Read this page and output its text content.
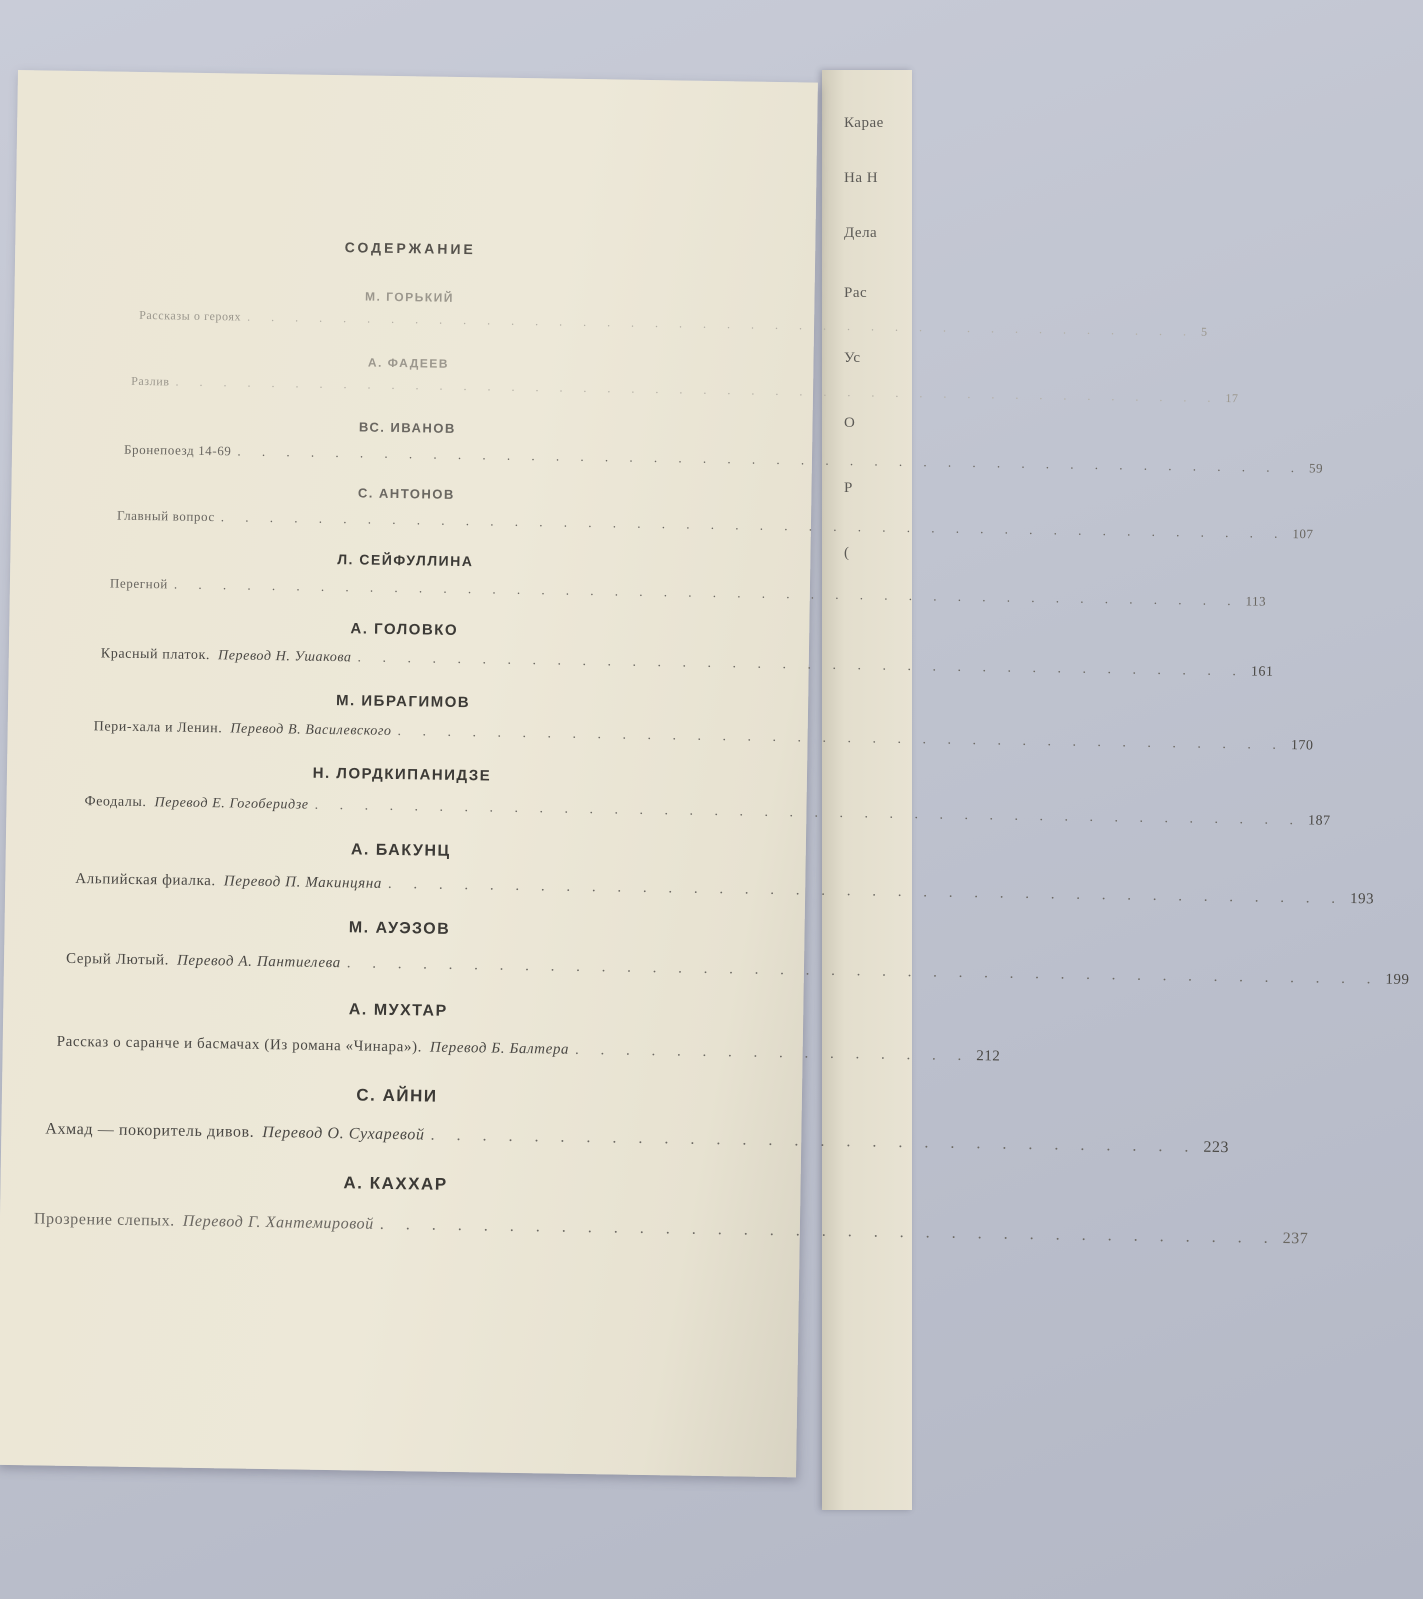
Карае
На Н
Дела
Рас
Ус
О
Р
(
СОДЕРЖАНИЕ
М. ГОРЬКИЙ
Рассказы о героях . . . . . . . . . . . . . . . . . . . . . . . . . . . . . . . . . . . . . . . . 5
А. ФАДЕЕВ
Разлив . . . . . . . . . . . . . . . . . . . . . . . . . . . . . . . . . . . . . . . . . . . . 17
ВС. ИВАНОВ
Бронепоезд 14-69 . . . . . . . . . . . . . . . . . . . . . . . . . . . . . . . . . . . . . . . . . . . . 59
С. АНТОНОВ
Главный вопрос . . . . . . . . . . . . . . . . . . . . . . . . . . . . . . . . . . . . . . . . . . . . 107
Л. СЕЙФУЛЛИНА
Перегной . . . . . . . . . . . . . . . . . . . . . . . . . . . . . . . . . . . . . . . . . . . . 113
А. ГОЛОВКО
Красный платок. Перевод Н. Ушакова . . . . . . . . . . . . . . . . . . . . . . . . . . . . . . . . . . . . 161
М. ИБРАГИМОВ
Пери-хала и Ленин. Перевод В. Василевского . . . . . . . . . . . . . . . . . . . . . . . . . . . . . . . . . . . . 170
Н. ЛОРДКИПАНИДЗЕ
Феодалы. Перевод Е. Гогоберидзе . . . . . . . . . . . . . . . . . . . . . . . . . . . . . . . . . . . . . . . . 187
А. БАКУНЦ
Альпийская фиалка. Перевод П. Макинцяна . . . . . . . . . . . . . . . . . . . . . . . . . . . . . . . . . . . . . . 193
М. АУЭЗОВ
Серый Лютый. Перевод А. Пантиелева . . . . . . . . . . . . . . . . . . . . . . . . . . . . . . . . . . . . . . . . . 199
А. МУХТАР
Рассказ о саранче и басмачах (Из романа «Чинара»). Перевод Б. Балтера . . . . . . . . . . . . . . . . 212
С. АЙНИ
Ахмад — покоритель дивов. Перевод О. Сухаревой . . . . . . . . . . . . . . . . . . . . . . . . . . . . . . 223
А. КАХХАР
Прозрение слепых. Перевод Г. Хантемировой . . . . . . . . . . . . . . . . . . . . . . . . . . . . . . . . . . . 237
